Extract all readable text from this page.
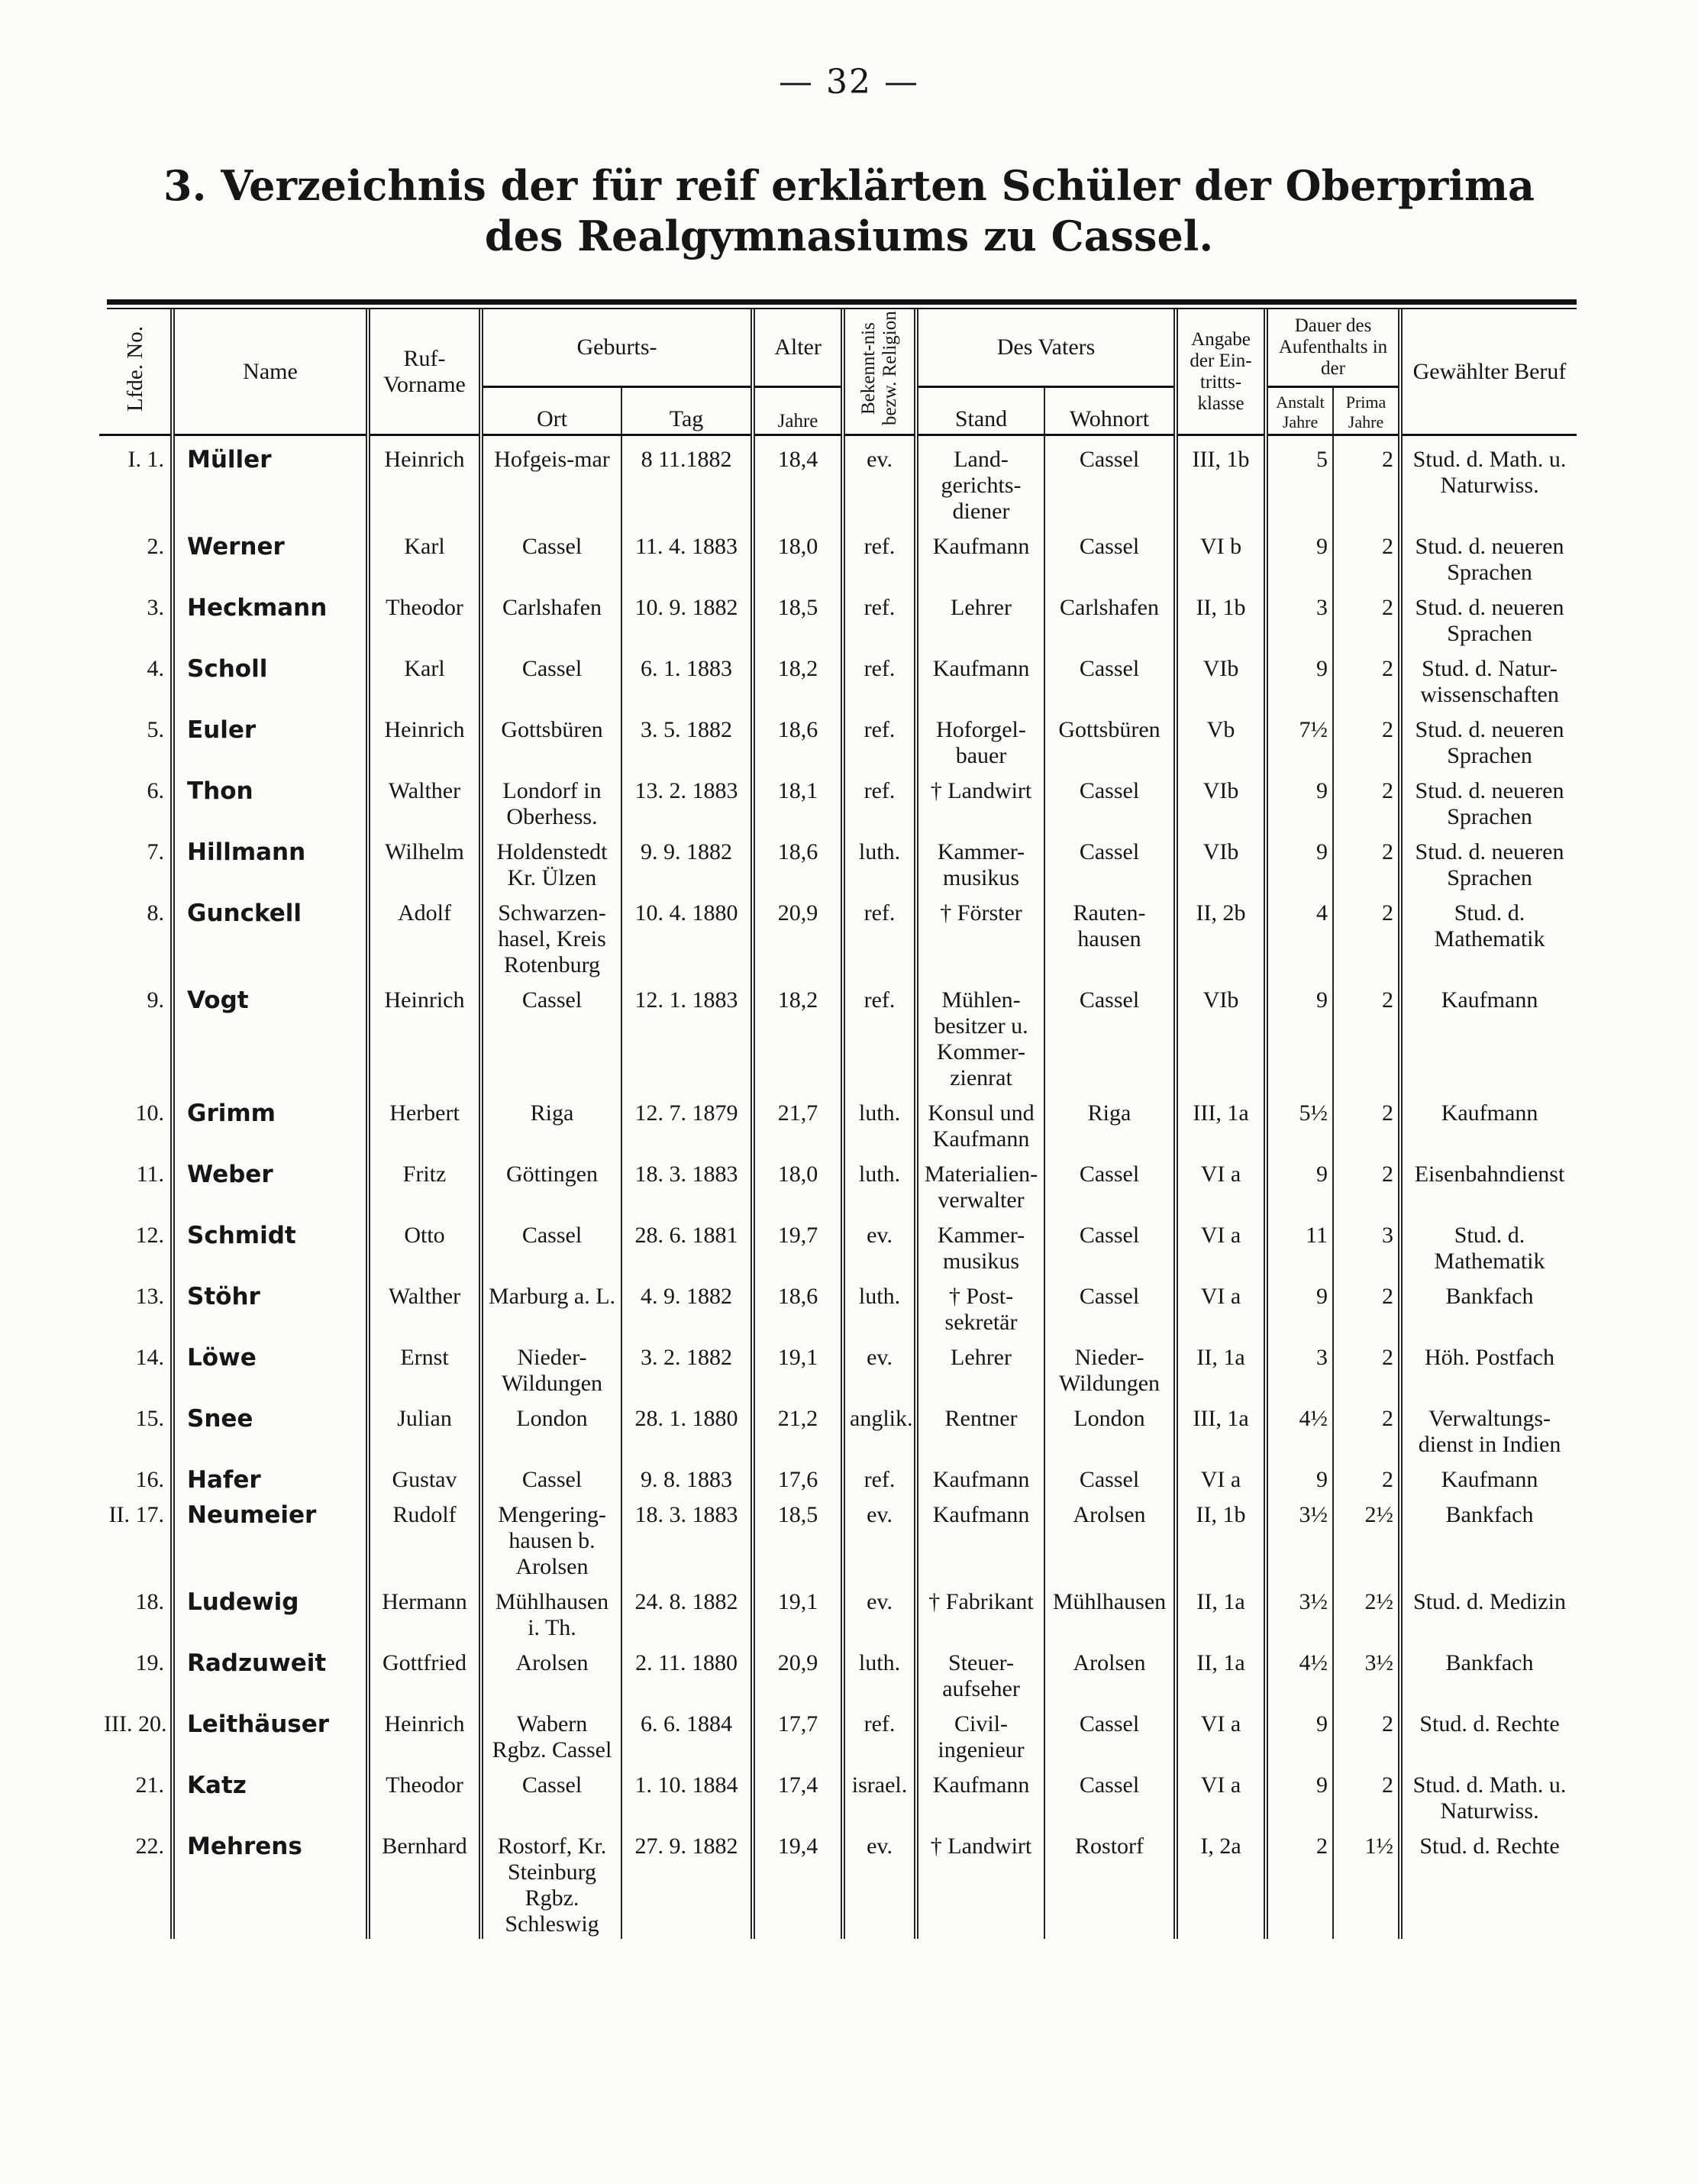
— 32 —
3. Verzeichnis der für reif erklärten Schüler der Oberprima
des Realgymnasiums zu Cassel.
Lfde. No.	Name	Ruf-Vorname	Geburts-		Alter	Bekennt-nis bezw. Religion	Des Vaters		Angabe der Ein-tritts-klasse	Dauer des Aufenthalts in der		Gewählter Beruf
			Ort	Tag	Jahre		Stand	Wohnort		Anstalt Jahre	Prima Jahre	
I. 1.	Müller	Heinrich	Hofgeis-mar	8 11.1882	18,4	ev.	Land-gerichts-diener	Cassel	III, 1b	5	2	Stud. d. Math. u. Naturwiss.
2.	Werner	Karl	Cassel	11. 4. 1883	18,0	ref.	Kaufmann	Cassel	VI b	9	2	Stud. d. neueren Sprachen
3.	Heckmann	Theodor	Carlshafen	10. 9. 1882	18,5	ref.	Lehrer	Carlshafen	II, 1b	3	2	Stud. d. neueren Sprachen
4.	Scholl	Karl	Cassel	6. 1. 1883	18,2	ref.	Kaufmann	Cassel	VIb	9	2	Stud. d. Natur-wissenschaften
5.	Euler	Heinrich	Gottsbüren	3. 5. 1882	18,6	ref.	Hoforgel-bauer	Gottsbüren	Vb	7½	2	Stud. d. neueren Sprachen
6.	Thon	Walther	Londorf in Oberhess.	13. 2. 1883	18,1	ref.	† Landwirt	Cassel	VIb	9	2	Stud. d. neueren Sprachen
7.	Hillmann	Wilhelm	Holdenstedt Kr. Ülzen	9. 9. 1882	18,6	luth.	Kammer-musikus	Cassel	VIb	9	2	Stud. d. neueren Sprachen
8.	Gunckell	Adolf	Schwarzen-hasel, Kreis Rotenburg	10. 4. 1880	20,9	ref.	† Förster	Rauten-hausen	II, 2b	4	2	Stud. d. Mathematik
9.	Vogt	Heinrich	Cassel	12. 1. 1883	18,2	ref.	Mühlen-besitzer u. Kommer-zienrat	Cassel	VIb	9	2	Kaufmann
10.	Grimm	Herbert	Riga	12. 7. 1879	21,7	luth.	Konsul und Kaufmann	Riga	III, 1a	5½	2	Kaufmann
11.	Weber	Fritz	Göttingen	18. 3. 1883	18,0	luth.	Materialien-verwalter	Cassel	VI a	9	2	Eisenbahndienst
12.	Schmidt	Otto	Cassel	28. 6. 1881	19,7	ev.	Kammer-musikus	Cassel	VI a	11	3	Stud. d. Mathematik
13.	Stöhr	Walther	Marburg a. L.	4. 9. 1882	18,6	luth.	† Post-sekretär	Cassel	VI a	9	2	Bankfach
14.	Löwe	Ernst	Nieder-Wildungen	3. 2. 1882	19,1	ev.	Lehrer	Nieder-Wildungen	II, 1a	3	2	Höh. Postfach
15.	Snee	Julian	London	28. 1. 1880	21,2	anglik.	Rentner	London	III, 1a	4½	2	Verwaltungs-dienst in Indien
16.	Hafer	Gustav	Cassel	9. 8. 1883	17,6	ref.	Kaufmann	Cassel	VI a	9	2	Kaufmann
II. 17.	Neumeier	Rudolf	Mengering-hausen b. Arolsen	18. 3. 1883	18,5	ev.	Kaufmann	Arolsen	II, 1b	3½	2½	Bankfach
18.	Ludewig	Hermann	Mühlhausen i. Th.	24. 8. 1882	19,1	ev.	† Fabrikant	Mühlhausen	II, 1a	3½	2½	Stud. d. Medizin
19.	Radzuweit	Gottfried	Arolsen	2. 11. 1880	20,9	luth.	Steuer-aufseher	Arolsen	II, 1a	4½	3½	Bankfach
III. 20.	Leithäuser	Heinrich	Wabern Rgbz. Cassel	6. 6. 1884	17,7	ref.	Civil-ingenieur	Cassel	VI a	9	2	Stud. d. Rechte
21.	Katz	Theodor	Cassel	1. 10. 1884	17,4	israel.	Kaufmann	Cassel	VI a	9	2	Stud. d. Math. u. Naturwiss.
22.	Mehrens	Bernhard	Rostorf, Kr. Steinburg Rgbz. Schleswig	27. 9. 1882	19,4	ev.	† Landwirt	Rostorf	I, 2a	2	1½	Stud. d. Rechte
